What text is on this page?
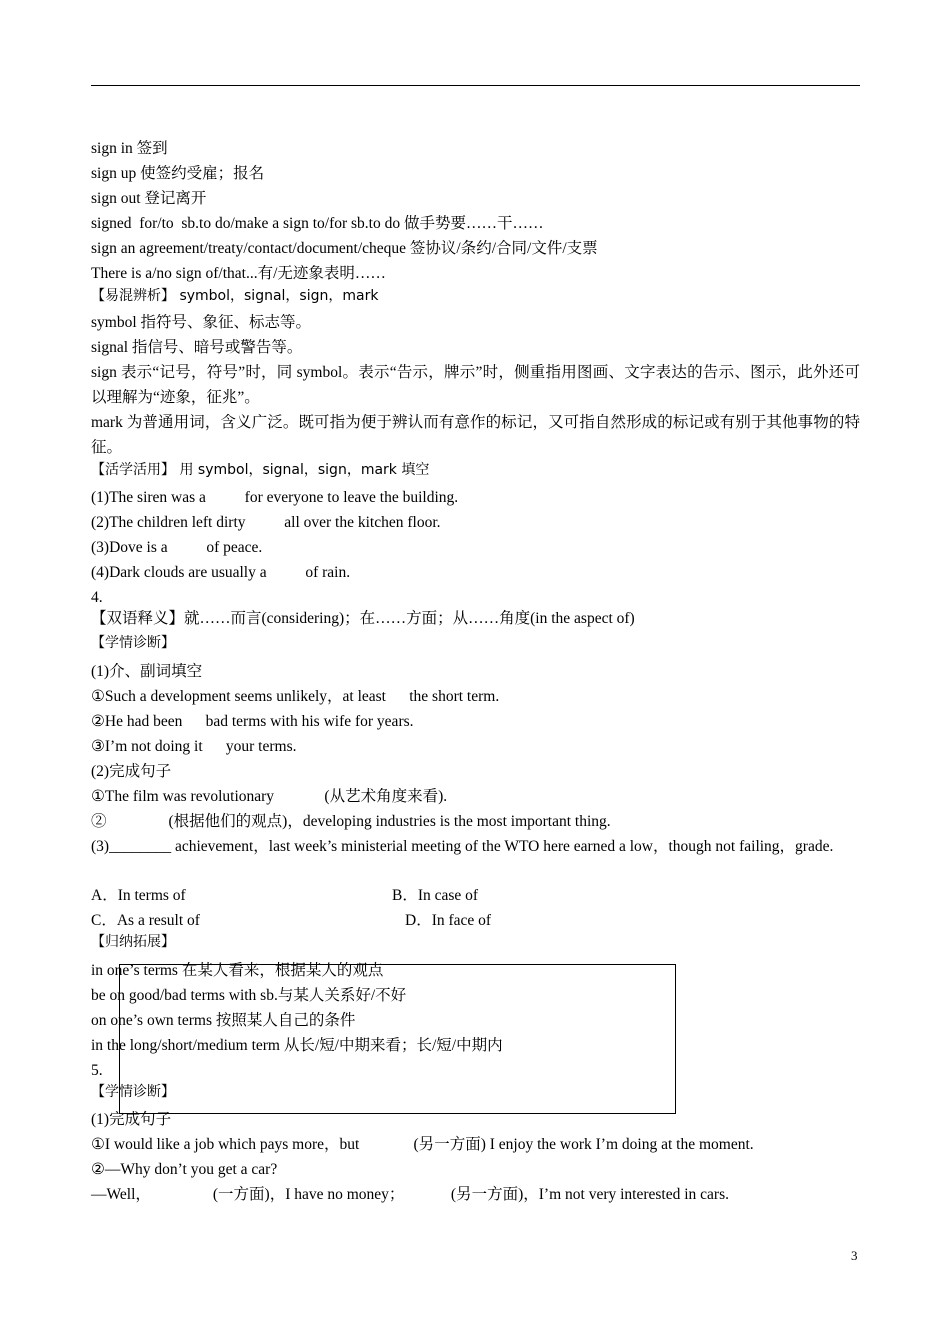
sign in 签到
sign up 使签约受雇；报名
sign out 登记离开
signed  for/to  sb.to do/make a sign to/for sb.to do 做手势要……干……
sign an agreement/treaty/contact/document/cheque 签协议/条约/合同/文件/支票
There is a/no sign of/that...有/无迹象表明……
【易混辨析】 symbol，signal，sign，mark
symbol 指符号、象征、标志等。
signal 指信号、暗号或警告等。
sign 表示“记号，符号”时，同 symbol。表示“告示，牌示”时，侧重指用图画、文字表达的告示、图示，此外还可以理解为“迹象，征兆”。
mark 为普通用词，含义广泛。既可指为便于辨认而有意作的标记，又可指自然形成的标记或有别于其他事物的特征。
【活学活用】 用 symbol，signal，sign，mark 填空
(1)The siren was a          for everyone to leave the building.
(2)The children left dirty          all over the kitchen floor.
(3)Dove is a          of peace.
(4)Dark clouds are usually a          of rain.
4.
【双语释义】就……而言(considering)；在……方面；从……角度(in the aspect of)
【学情诊断】
(1)介、副词填空
①Such a development seems unlikely，at least      the short term.
②He had been      bad terms with his wife for years.
③I’m not doing it      your terms.
(2)完成句子
①The film was revolutionary             (从艺术角度来看).
②                (根据他们的观点)，developing industries is the most important thing.
(3)________ achievement，last week’s ministerial meeting of the WTO here earned a low，though not failing，grade.
A．In terms of	B．In case of
C．As a result of	D．In face of
【归纳拓展】
in one’s terms 在某人看来，根据某人的观点
be on good/bad terms with sb.与某人关系好/不好
on one’s own terms 按照某人自己的条件
in the long/short/medium term 从长/短/中期来看；长/短/中期内
5.
【学情诊断】
(1)完成句子
①I would like a job which pays more，but              (另一方面) I enjoy the work I’m doing at the moment.
②—Why don’t you get a car?
—Well，                (一方面)，I have no money；            (另一方面)，I’m not very interested in cars.
3
